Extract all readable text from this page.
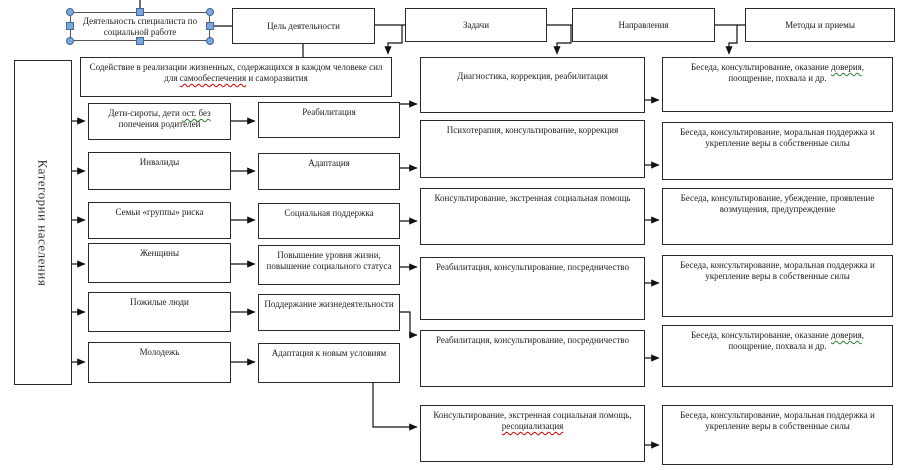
Деятельность специалиста по социальной работе
Цель деятельности	Задачи	Направления	Методы и приемы
Категории населения
Содействие в реализации жизненных, содержащихся в каждом человеке сил для самообеспечения и саморазвития
Дети-сироты, дети ост. без попечения родителей
Инвалиды
Семьи «группы» риска
Женщины
Пожилые люди
Молодежь
Реабилитация
Адаптация
Социальная поддержка
Повышение уровня жизни, повышение социального статуса
Поддержание жизнедеятельности
Адаптация к новым условиям
Диагностика, коррекция, реабилитация
Психотерапия, консультирование, коррекция
Консультирование, экстренная социальная помощь
Реабилитация, консультирование, посредничество
Реабилитация, консультирование, посредничество
Консультирование, экстренная социальная помощь, ресоциализация
Беседа, консультирование, оказание доверия, поощрение, похвала и др.
Беседа, консультирование, моральная поддержка и укрепление веры в собственные силы
Беседа, консультирование, убеждение, проявление возмущения, предупреждение
Беседа, консультирование, моральная поддержка и укрепление веры в собственные силы
Беседа, консультирование, оказание доверия, поощрение, похвала и др.
Беседа, консультирование, моральная поддержка и укрепление веры в собственные силы
